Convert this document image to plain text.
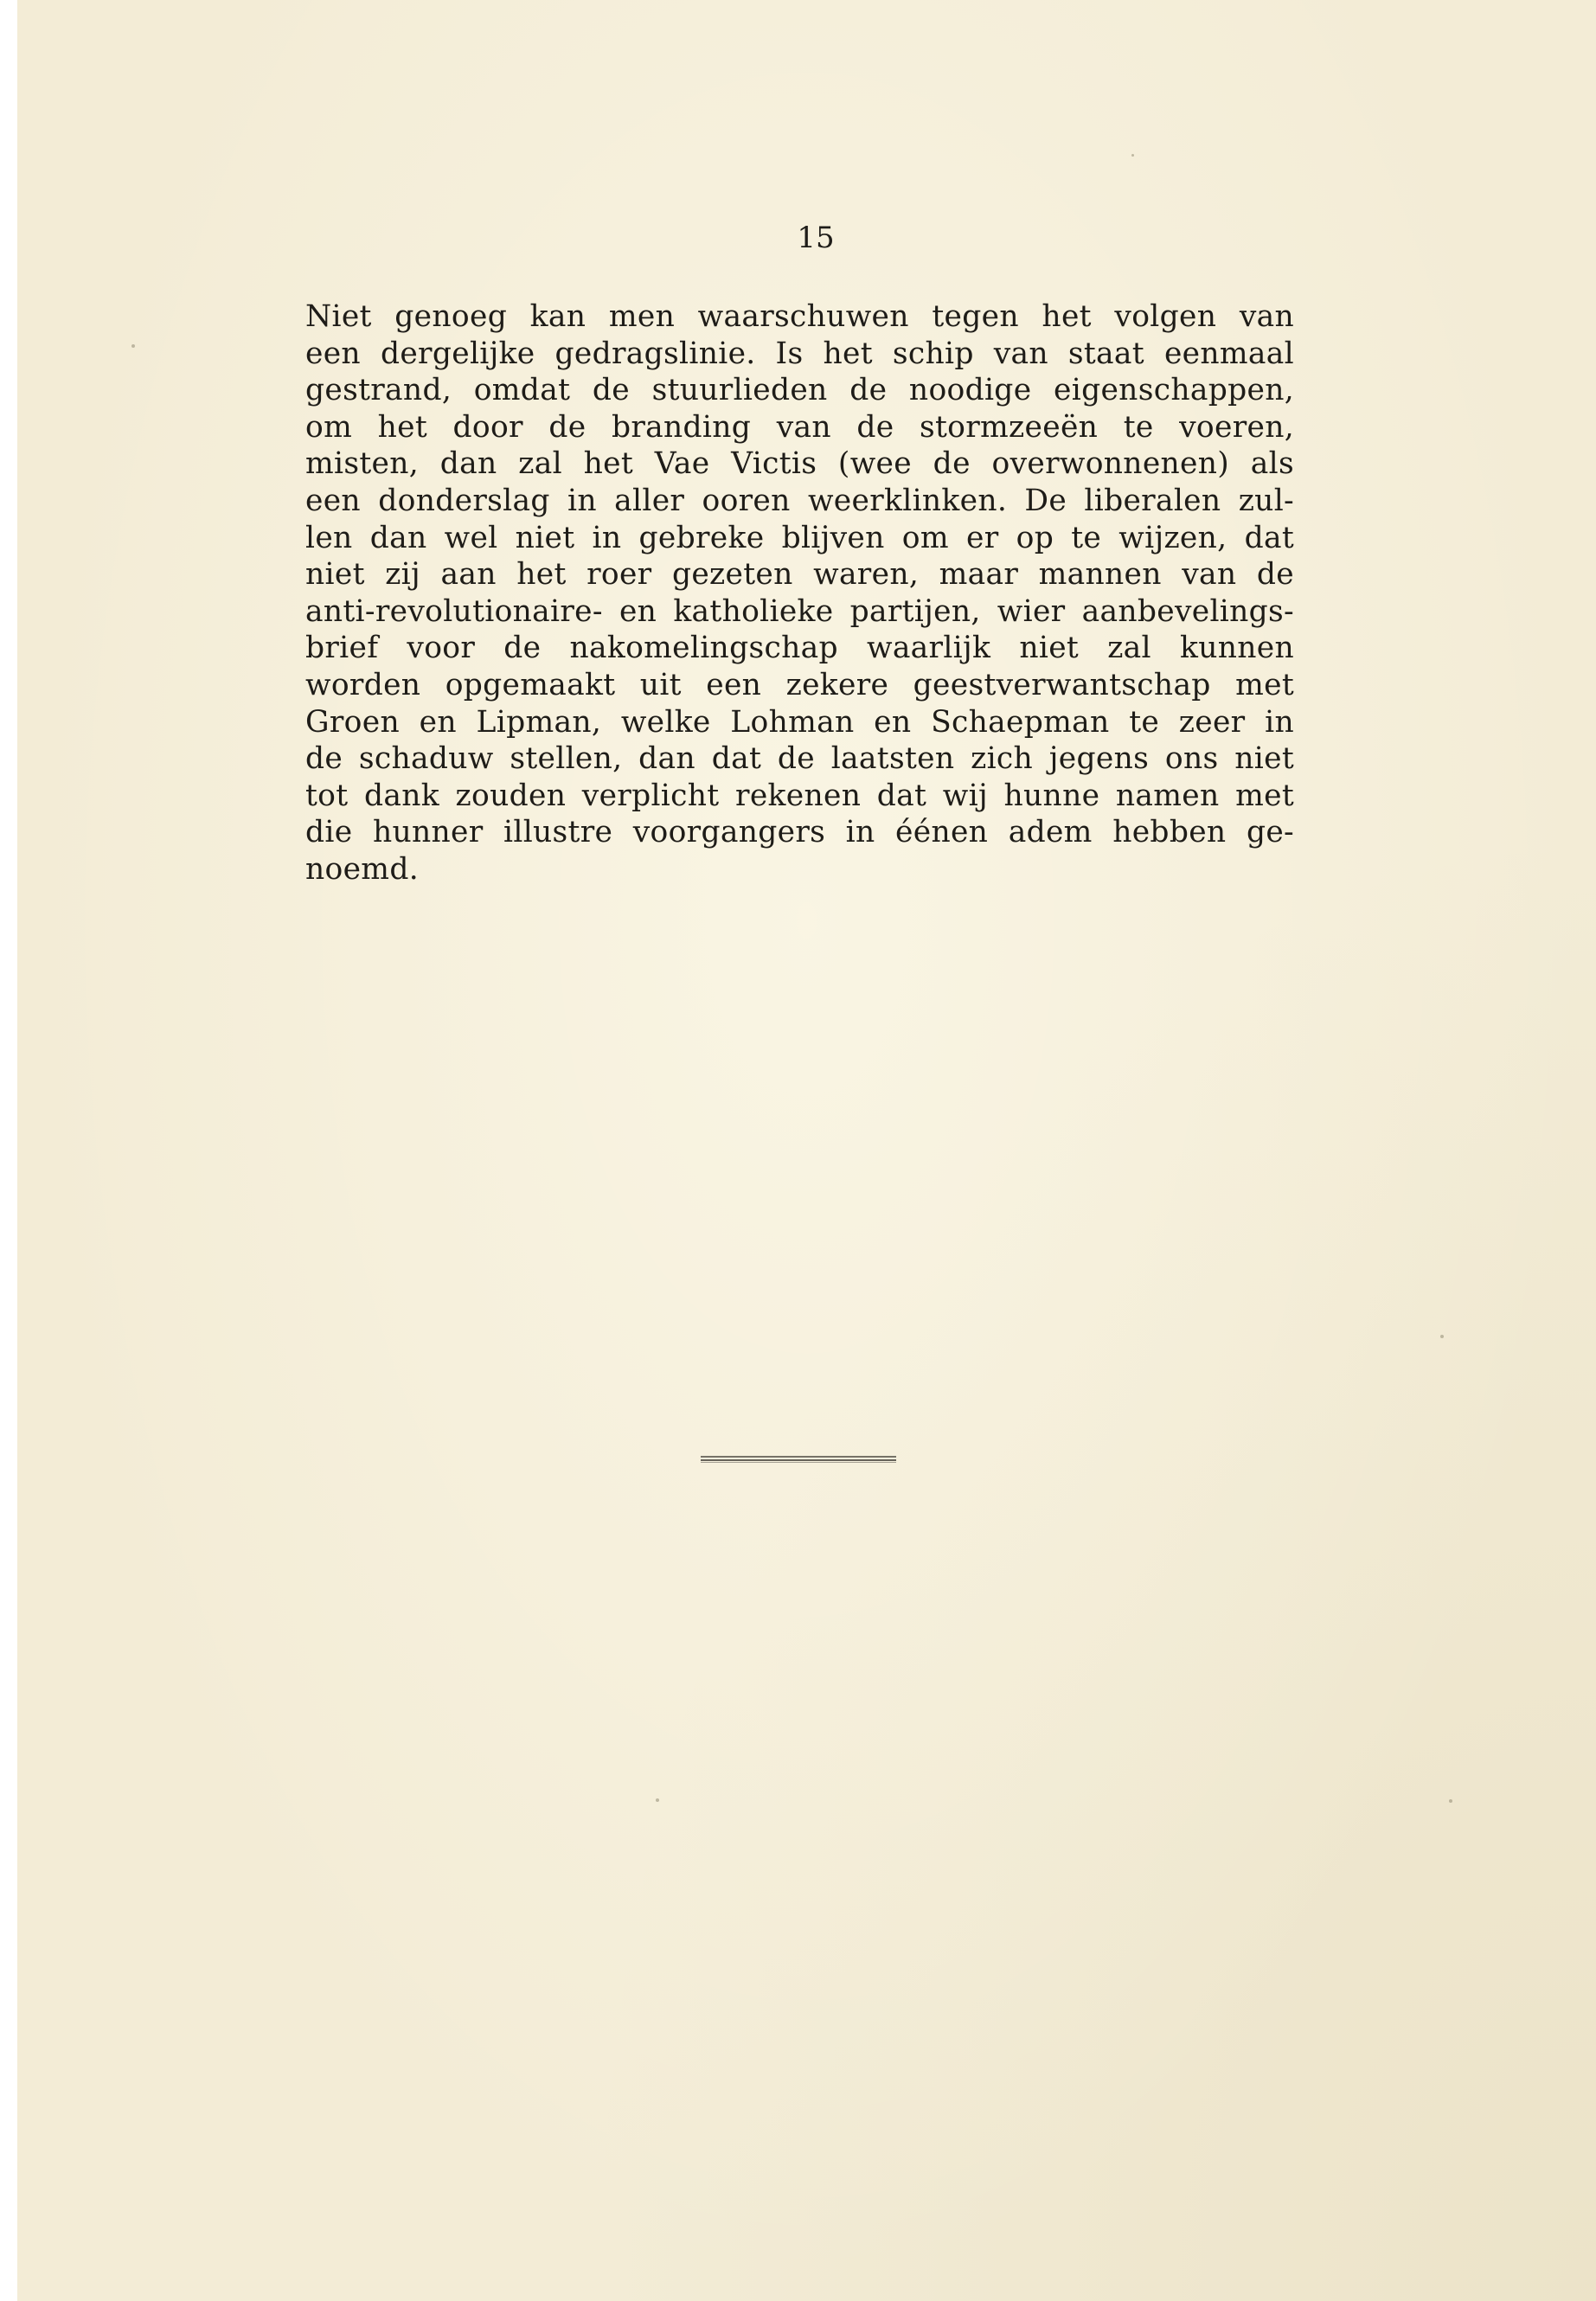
15
Niet genoeg kan men waarschuwen tegen het volgen van
een dergelijke gedragslinie. Is het schip van staat eenmaal
gestrand, omdat de stuurlieden de noodige eigenschappen,
om het door de branding van de stormzeeën te voeren,
misten, dan zal het Vae Victis (wee de overwonnenen) als
een donderslag in aller ooren weerklinken. De liberalen zul-
len dan wel niet in gebreke blijven om er op te wijzen, dat
niet zij aan het roer gezeten waren, maar mannen van de
anti-revolutionaire- en katholieke partijen, wier aanbevelings-
brief voor de nakomelingschap waarlijk niet zal kunnen
worden opgemaakt uit een zekere geestverwantschap met
Groen en Lipman, welke Lohman en Schaepman te zeer in
de schaduw stellen, dan dat de laatsten zich jegens ons niet
tot dank zouden verplicht rekenen dat wij hunne namen met
die hunner illustre voorgangers in éénen adem hebben ge-
noemd.
